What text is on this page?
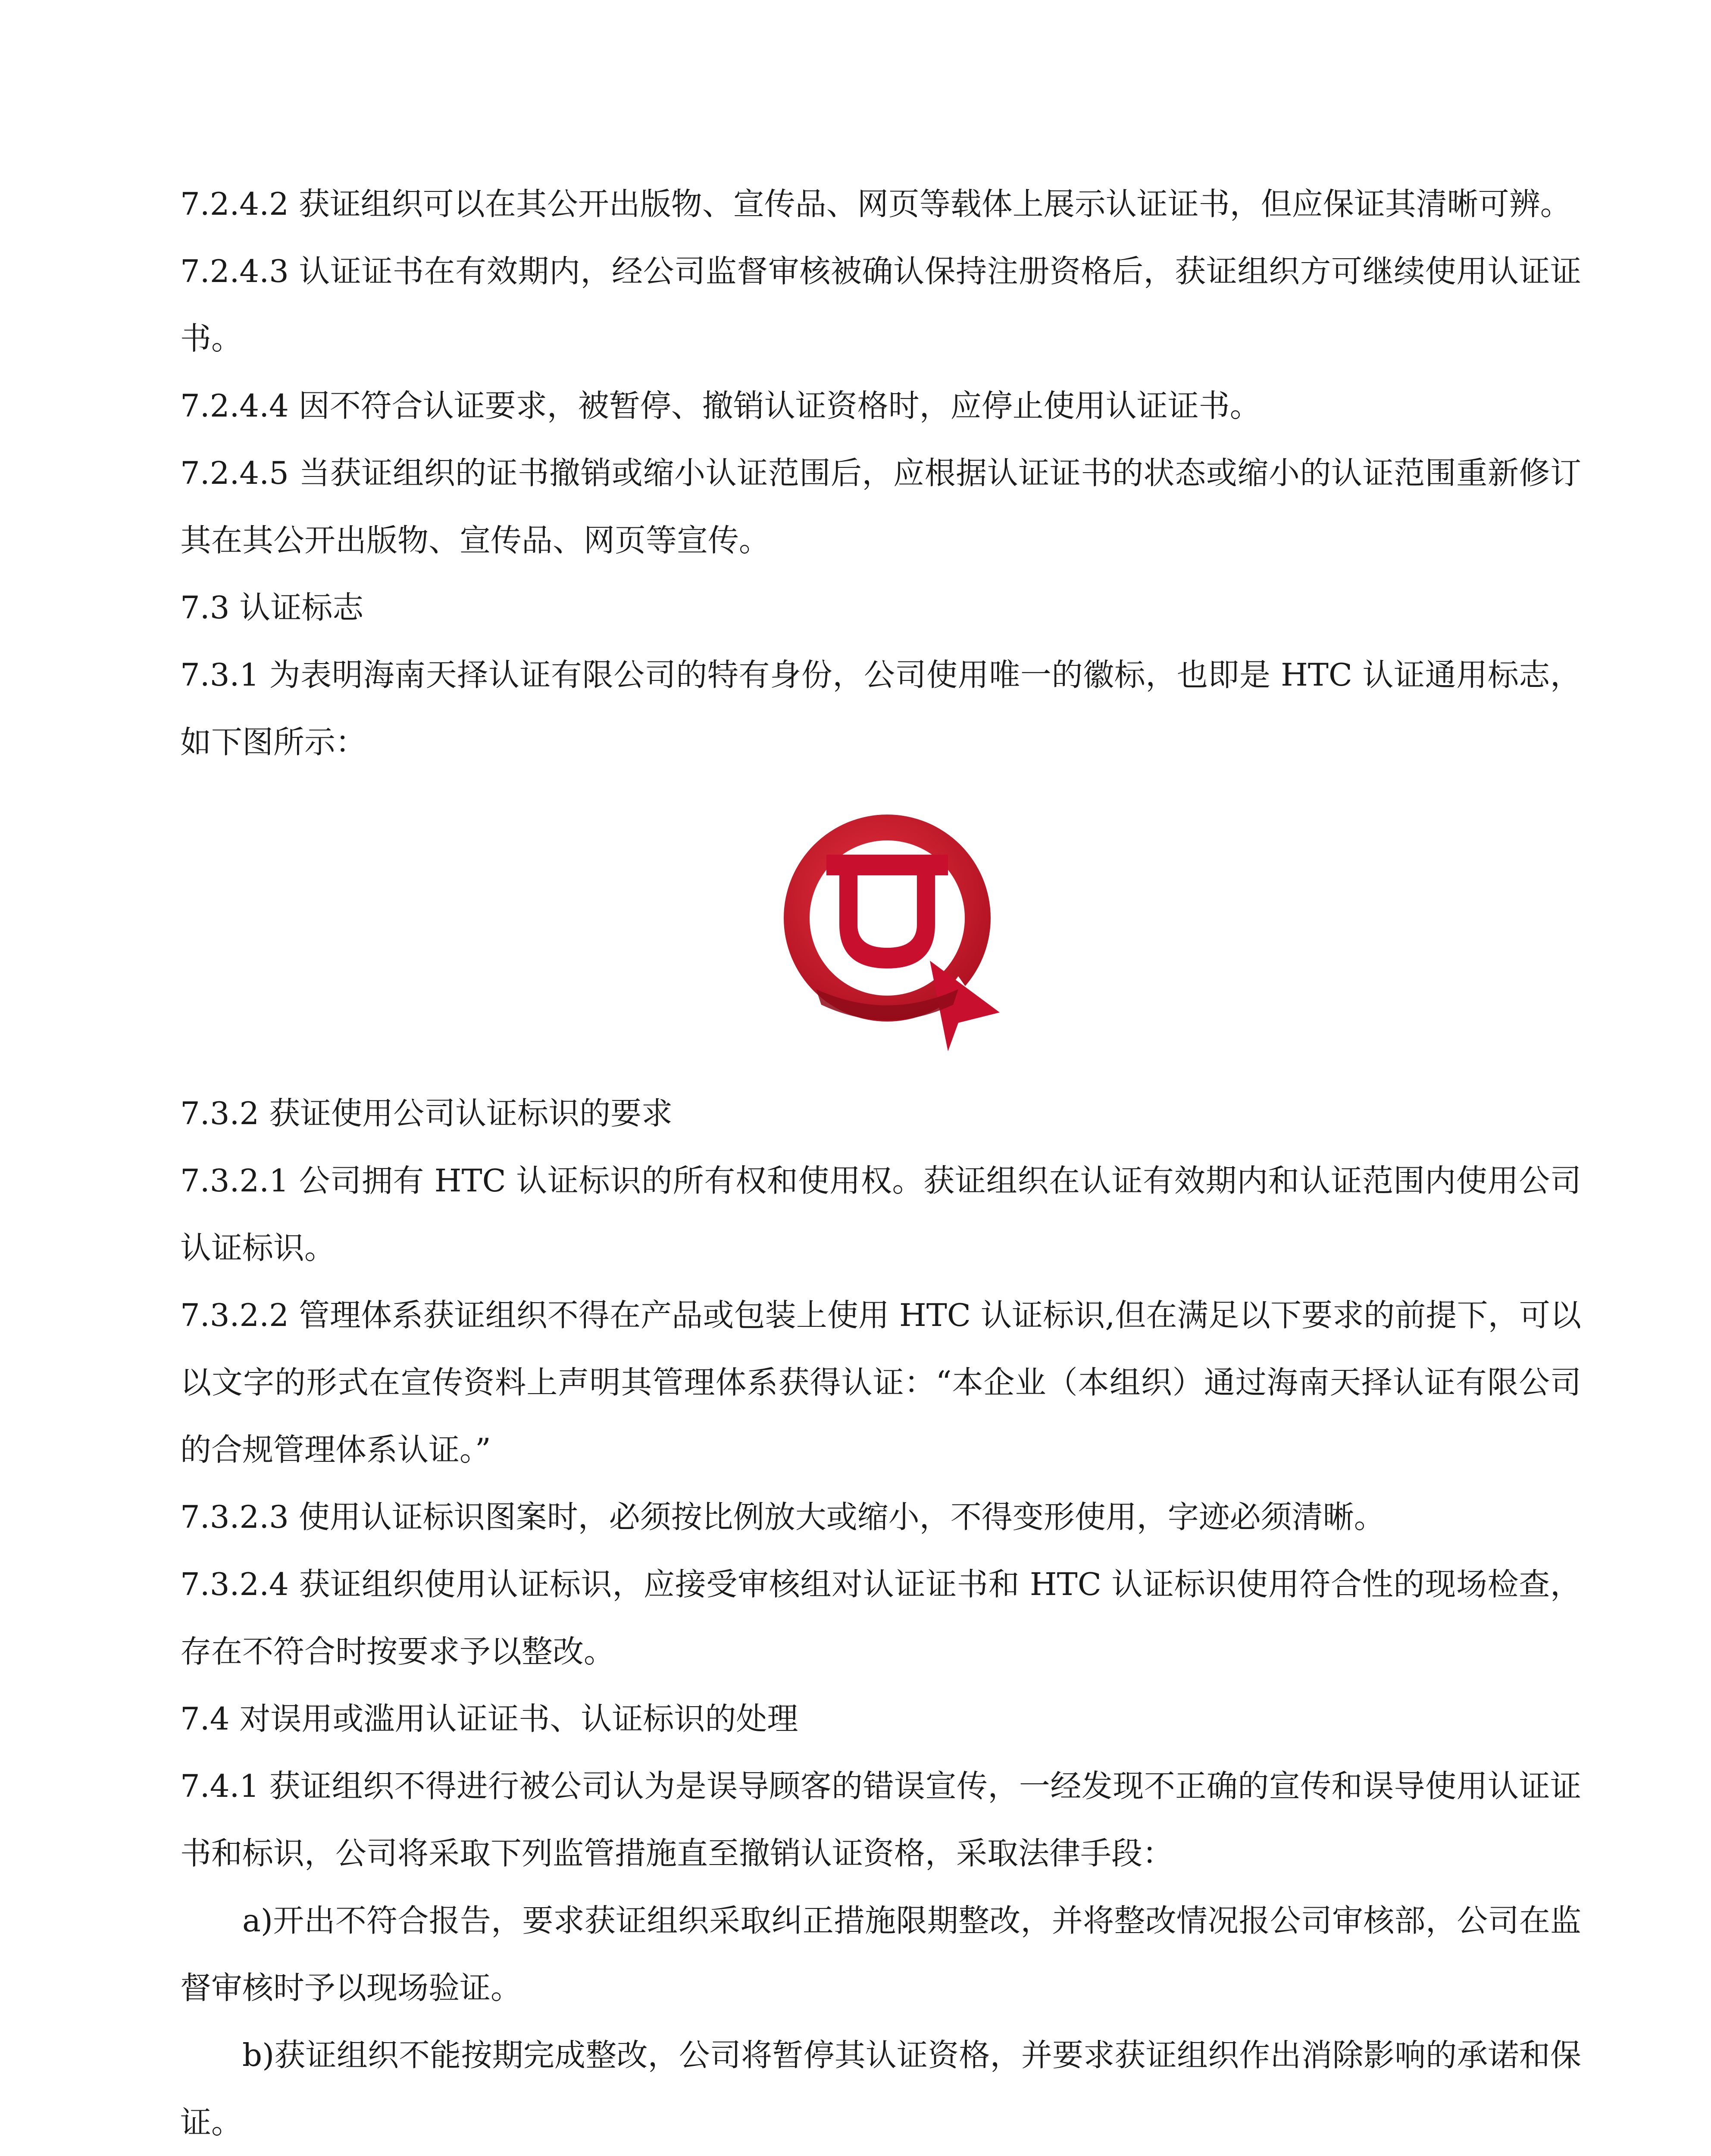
7.2.4.2 获证组织可以在其公开出版物、宣传品、网页等载体上展示认证证书，但应保证其清晰可辨。

7.2.4.3 认证证书在有效期内，经公司监督审核被确认保持注册资格后，获证组织方可继续使用认证证书。

7.2.4.4 因不符合认证要求，被暂停、撤销认证资格时，应停止使用认证证书。

7.2.4.5 当获证组织的证书撤销或缩小认证范围后，应根据认证证书的状态或缩小的认证范围重新修订其在其公开出版物、宣传品、网页等宣传。

7.3 认证标志

7.3.1 为表明海南天择认证有限公司的特有身份，公司使用唯一的徽标，也即是 HTC 认证通用标志，如下图所示：

7.3.2 获证使用公司认证标识的要求

7.3.2.1 公司拥有 HTC 认证标识的所有权和使用权。获证组织在认证有效期内和认证范围内使用公司认证标识。

7.3.2.2 管理体系获证组织不得在产品或包装上使用 HTC 认证标识,但在满足以下要求的前提下，可以以文字的形式在宣传资料上声明其管理体系获得认证：“本企业（本组织）通过海南天择认证有限公司的合规管理体系认证。”

7.3.2.3 使用认证标识图案时，必须按比例放大或缩小，不得变形使用，字迹必须清晰。

7.3.2.4 获证组织使用认证标识，应接受审核组对认证证书和 HTC 认证标识使用符合性的现场检查，存在不符合时按要求予以整改。

7.4 对误用或滥用认证证书、认证标识的处理

7.4.1 获证组织不得进行被公司认为是误导顾客的错误宣传，一经发现不正确的宣传和误导使用认证证书和标识，公司将采取下列监管措施直至撤销认证资格，采取法律手段：

a)开出不符合报告，要求获证组织采取纠正措施限期整改，并将整改情况报公司审核部，公司在监督审核时予以现场验证。

b)获证组织不能按期完成整改，公司将暂停其认证资格，并要求获证组织作出消除影响的承诺和保证。
